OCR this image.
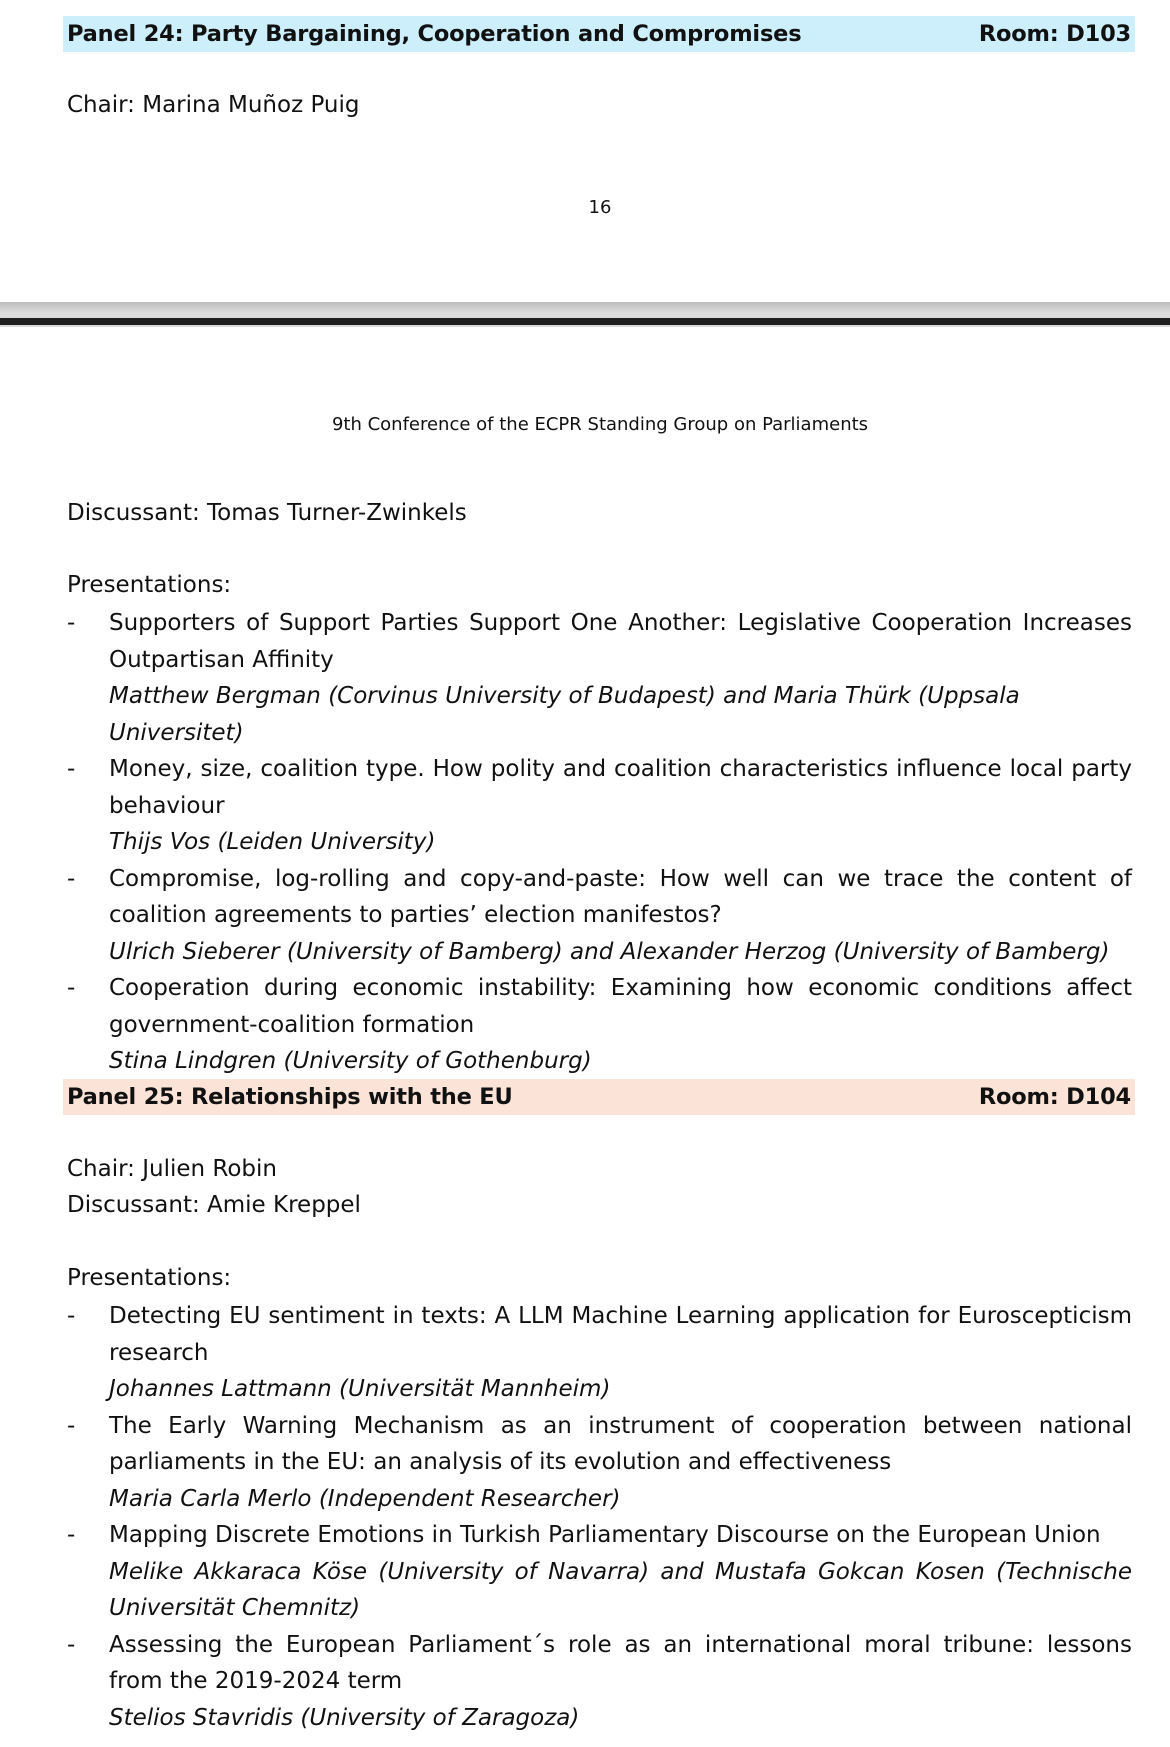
Panel 24: Party Bargaining, Cooperation and Compromises	Room: D103
Chair: Marina Muñoz Puig
16
9th Conference of the ECPR Standing Group on Parliaments
Discussant: Tomas Turner-Zwinkels
Presentations:
- Supporters of Support Parties Support One Another: Legislative Cooperation Increases Outpartisan Affinity
Matthew Bergman (Corvinus University of Budapest) and Maria Thürk (Uppsala Universitet)
- Money, size, coalition type. How polity and coalition characteristics influence local party behaviour
Thijs Vos (Leiden University)
- Compromise, log-rolling and copy-and-paste: How well can we trace the content of coalition agreements to parties’ election manifestos?
Ulrich Sieberer (University of Bamberg) and Alexander Herzog (University of Bamberg)
- Cooperation during economic instability: Examining how economic conditions affect government-coalition formation
Stina Lindgren (University of Gothenburg)
Panel 25: Relationships with the EU	Room: D104
Chair: Julien Robin
Discussant: Amie Kreppel
Presentations:
- Detecting EU sentiment in texts: A LLM Machine Learning application for Euroscepticism research
Johannes Lattmann (Universität Mannheim)
- The Early Warning Mechanism as an instrument of cooperation between national parliaments in the EU: an analysis of its evolution and effectiveness
Maria Carla Merlo (Independent Researcher)
- Mapping Discrete Emotions in Turkish Parliamentary Discourse on the European Union
Melike Akkaraca Köse (University of Navarra) and Mustafa Gokcan Kosen (Technische Universität Chemnitz)
- Assessing the European Parliament´s role as an international moral tribune: lessons from the 2019-2024 term
Stelios Stavridis (University of Zaragoza)
